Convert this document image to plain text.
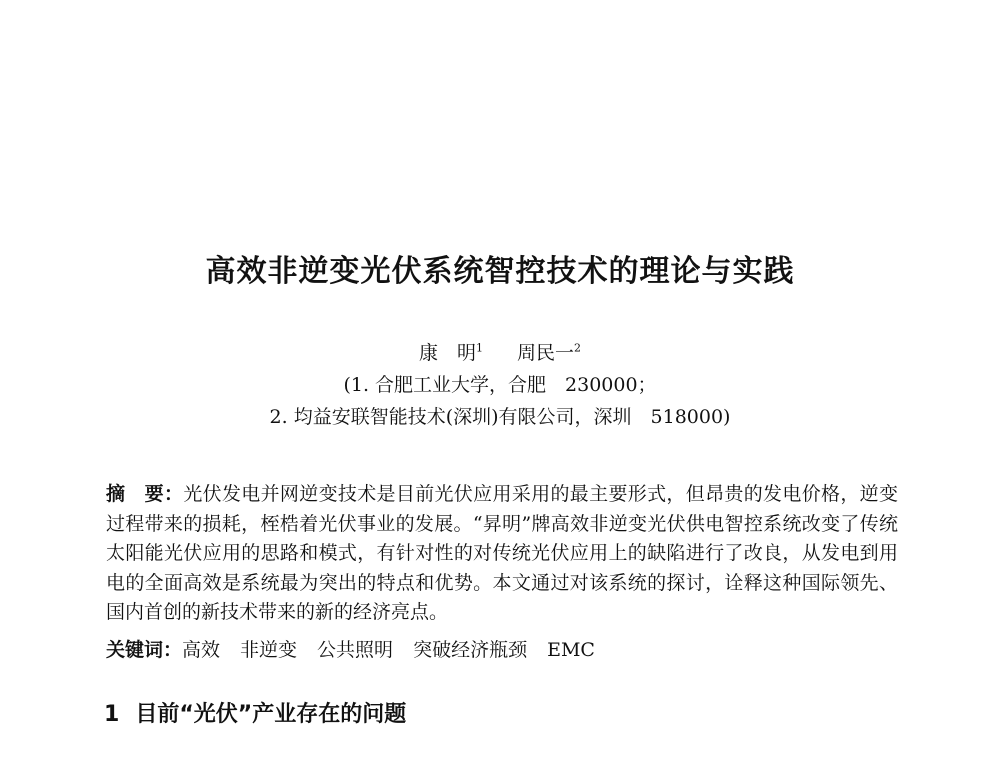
高效非逆变光伏系统智控技术的理论与实践
康　明$^1$ 周民一$^2$
(1. 合肥工业大学，合肥　230000；
2. 均益安联智能技术(深圳)有限公司，深圳　518000)
摘　要：光伏发电并网逆变技术是目前光伏应用采用的最主要形式，但昂贵的发电价格，逆变过程带来的损耗，桎梏着光伏事业的发展。“昇明”牌高效非逆变光伏供电智控系统改变了传统太阳能光伏应用的思路和模式，有针对性的对传统光伏应用上的缺陷进行了改良，从发电到用电的全面高效是系统最为突出的特点和优势。本文通过对该系统的探讨，诠释这种国际领先、国内首创的新技术带来的新的经济亮点。
关键词：高效 非逆变 公共照明 突破经济瓶颈 EMC
1 目前“光伏”产业存在的问题
